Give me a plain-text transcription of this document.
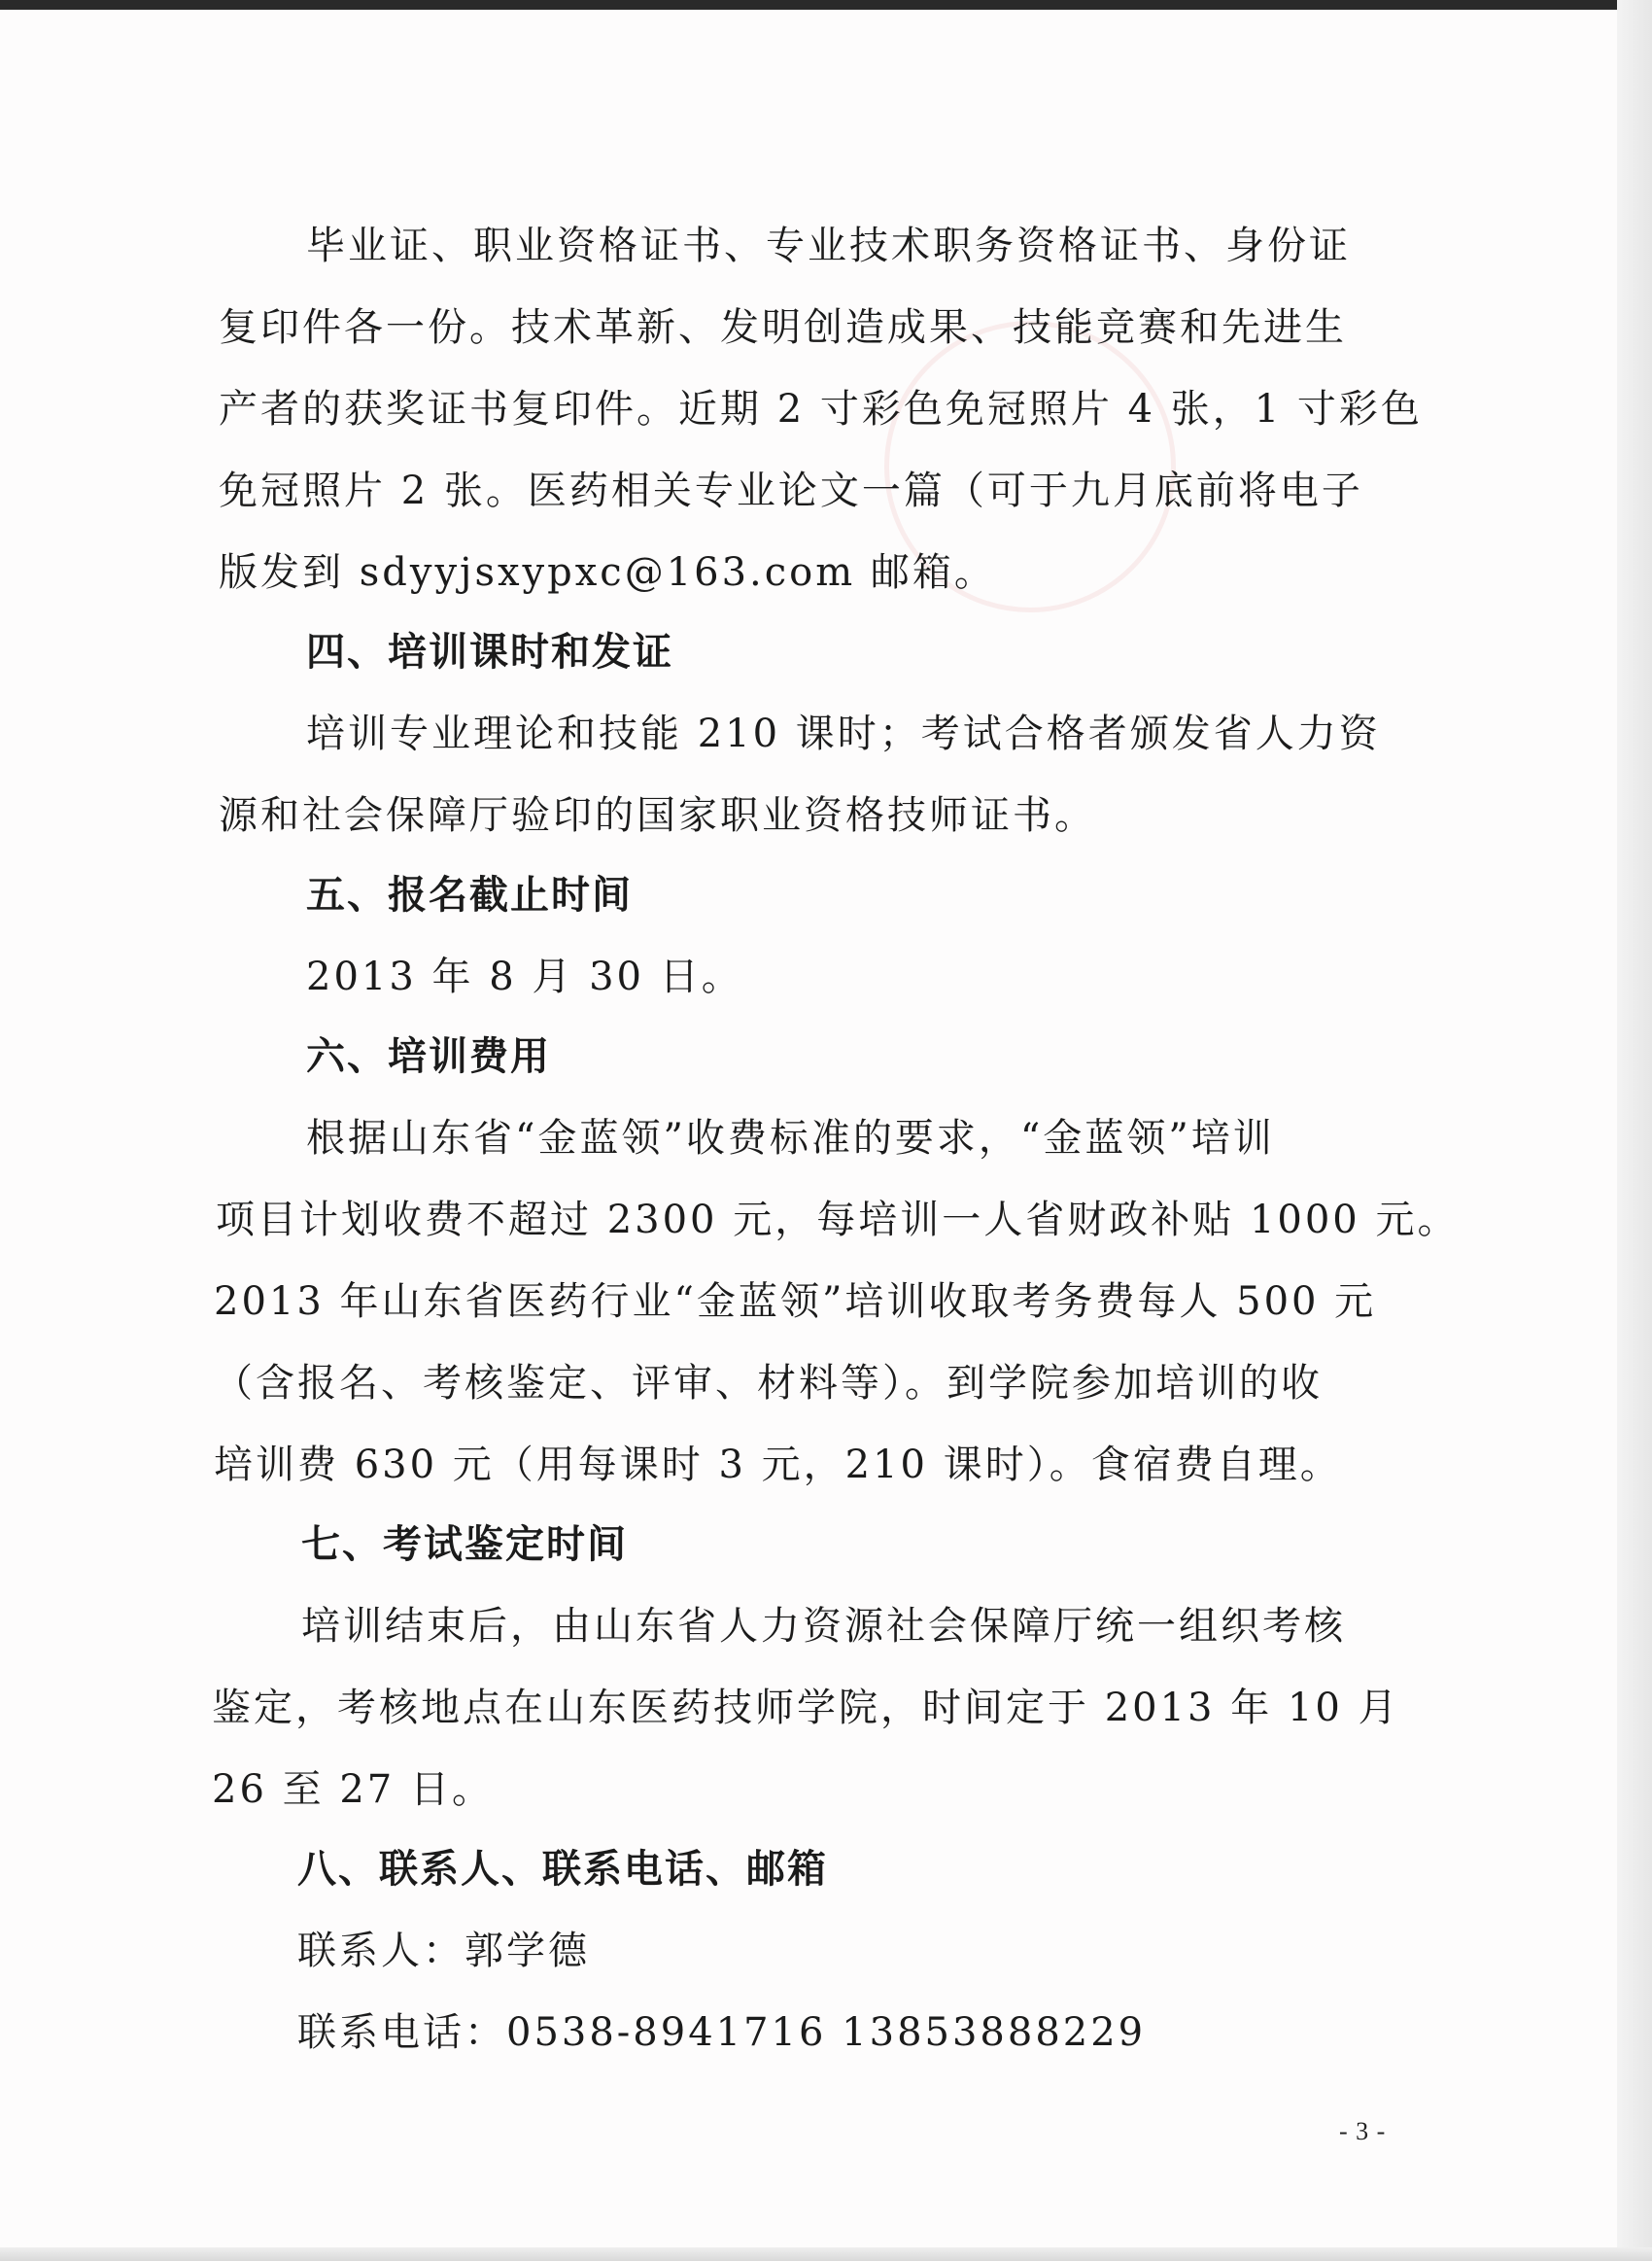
毕业证、职业资格证书、专业技术职务资格证书、身份证
复印件各一份。技术革新、发明创造成果、技能竞赛和先进生
产者的获奖证书复印件。近期 2 寸彩色免冠照片 4 张，1 寸彩色
免冠照片 2 张。医药相关专业论文一篇（可于九月底前将电子
版发到 sdyyjsxypxc@163.com 邮箱。
四、培训课时和发证
培训专业理论和技能 210 课时；考试合格者颁发省人力资
源和社会保障厅验印的国家职业资格技师证书。
五、报名截止时间
2013 年 8 月 30 日。
六、培训费用
根据山东省“金蓝领”收费标准的要求，“金蓝领”培训
项目计划收费不超过 2300 元，每培训一人省财政补贴 1000 元。
2013 年山东省医药行业“金蓝领”培训收取考务费每人 500 元
（含报名、考核鉴定、评审、材料等）。到学院参加培训的收
培训费 630 元（用每课时 3 元，210 课时）。食宿费自理。
七、考试鉴定时间
培训结束后，由山东省人力资源社会保障厅统一组织考核
鉴定，考核地点在山东医药技师学院，时间定于 2013 年 10 月
26 至 27 日。
八、联系人、联系电话、邮箱
联系人：郭学德
联系电话：0538-8941716 13853888229
- 3 -
